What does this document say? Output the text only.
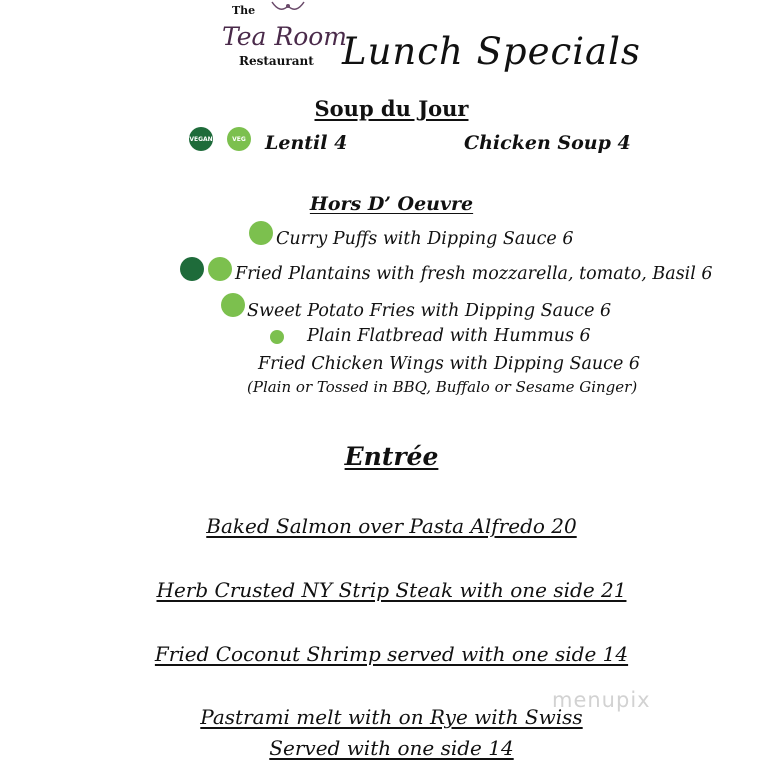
The
Tea Room
Restaurant Lunch Specials
Soup du Jour
VEGAN	VEG Lentil 4	Chicken Soup 4
Hors D’ Oeuvre
Curry Puffs with Dipping Sauce 6
Fried Plantains with fresh mozzarella, tomato, Basil 6
Sweet Potato Fries with Dipping Sauce 6
Plain Flatbread with Hummus 6
Fried Chicken Wings with Dipping Sauce 6
(Plain or Tossed in BBQ, Buffalo or Sesame Ginger)
Entrée
Baked Salmon over Pasta Alfredo 20
Herb Crusted NY Strip Steak with one side 21
Fried Coconut Shrimp served with one side 14
Pastrami melt with on Rye with Swiss
Served with one side 14
menupix
